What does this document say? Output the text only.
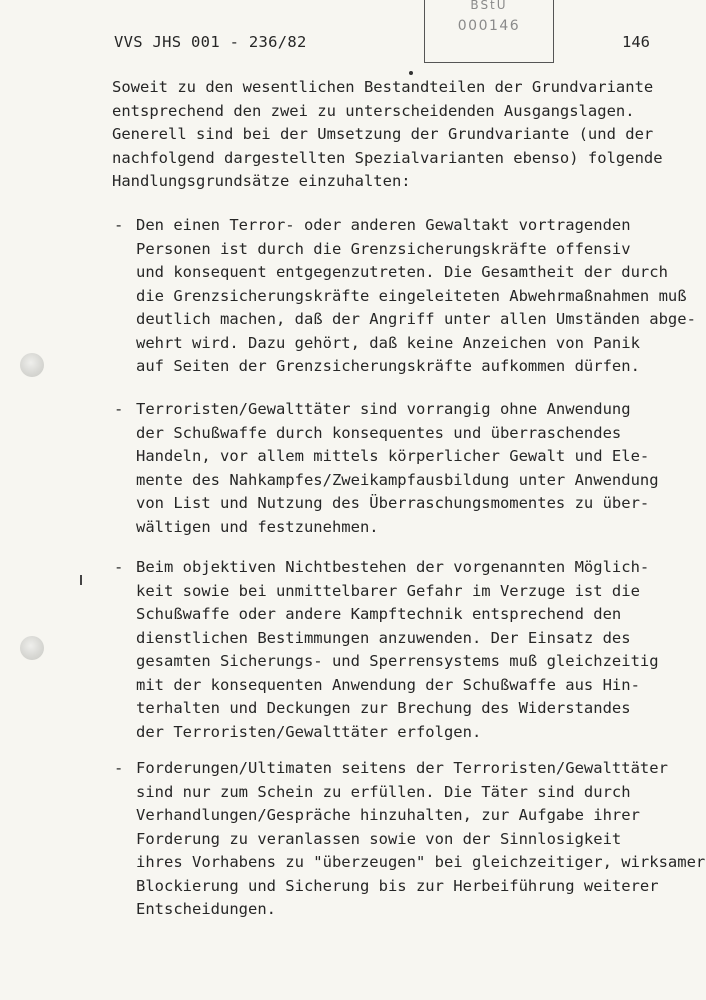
VVS JHS 001 - 236/82
BStU
000146
146
Soweit zu den wesentlichen Bestandteilen der Grundvariante
entsprechend den zwei zu unterscheidenden Ausgangslagen.
Generell sind bei der Umsetzung der Grundvariante (und der
nachfolgend dargestellten Spezialvarianten ebenso) folgende
Handlungsgrundsätze einzuhalten:
- Den einen Terror- oder anderen Gewaltakt vortragenden
Personen ist durch die Grenzsicherungskräfte offensiv
und konsequent entgegenzutreten. Die Gesamtheit der durch
die Grenzsicherungskräfte eingeleiteten Abwehrmaßnahmen muß
deutlich machen, daß der Angriff unter allen Umständen abge-
wehrt wird. Dazu gehört, daß keine Anzeichen von Panik
auf Seiten der Grenzsicherungskräfte aufkommen dürfen.
- Terroristen/Gewalttäter sind vorrangig ohne Anwendung
der Schußwaffe durch konsequentes und überraschendes
Handeln, vor allem mittels körperlicher Gewalt und Ele-
mente des Nahkampfes/Zweikampfausbildung unter Anwendung
von List und Nutzung des Überraschungsmomentes zu über-
wältigen und festzunehmen.
- Beim objektiven Nichtbestehen der vorgenannten Möglich-
keit sowie bei unmittelbarer Gefahr im Verzuge ist die
Schußwaffe oder andere Kampftechnik entsprechend den
dienstlichen Bestimmungen anzuwenden. Der Einsatz des
gesamten Sicherungs- und Sperrensystems muß gleichzeitig
mit der konsequenten Anwendung der Schußwaffe aus Hin-
terhalten und Deckungen zur Brechung des Widerstandes
der Terroristen/Gewalttäter erfolgen.
- Forderungen/Ultimaten seitens der Terroristen/Gewalttäter
sind nur zum Schein zu erfüllen. Die Täter sind durch
Verhandlungen/Gespräche hinzuhalten, zur Aufgabe ihrer
Forderung zu veranlassen sowie von der Sinnlosigkeit
ihres Vorhabens zu "überzeugen" bei gleichzeitiger, wirksamer
Blockierung und Sicherung bis zur Herbeiführung weiterer
Entscheidungen.
